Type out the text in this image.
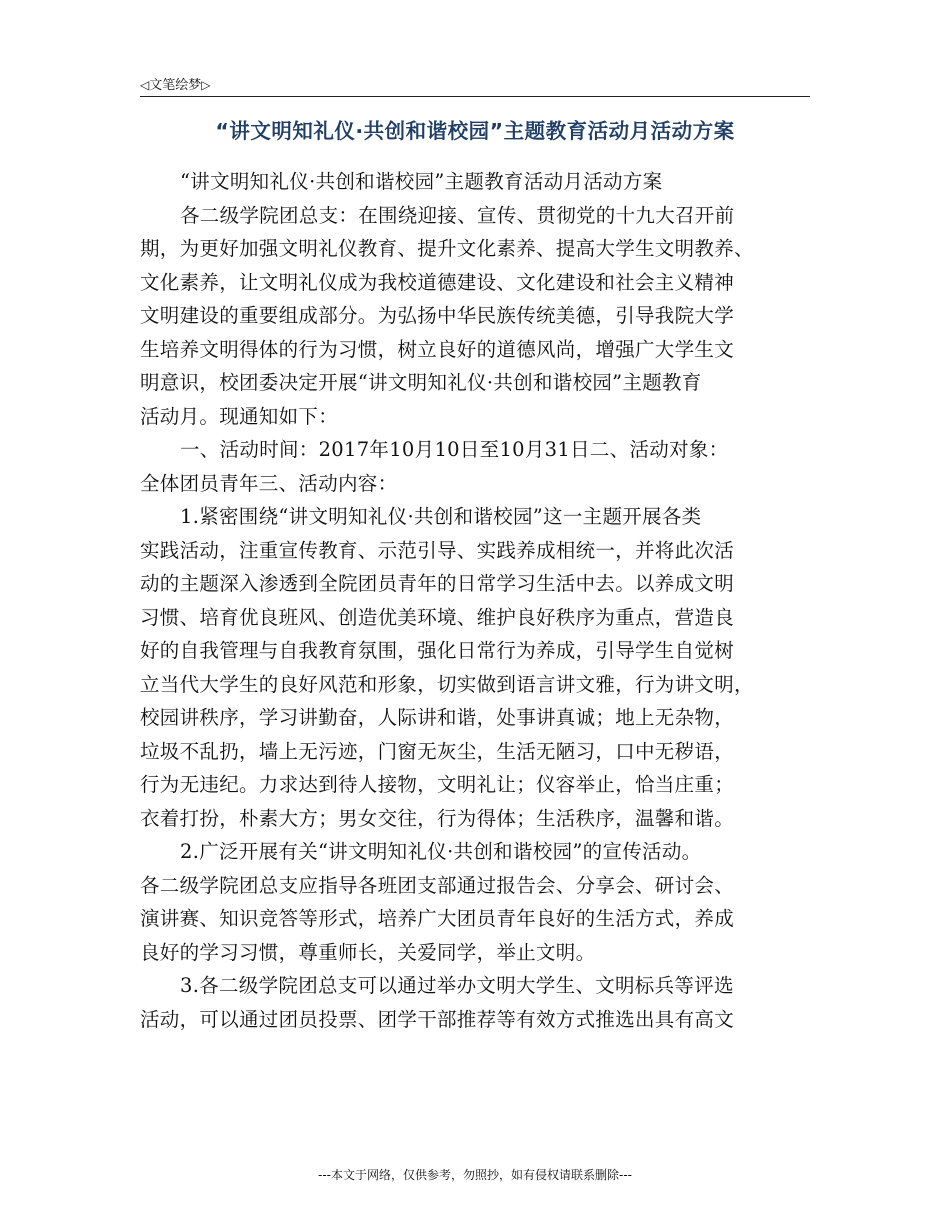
◁文笔绘梦▷
“讲文明知礼仪·共创和谐校园”主题教育活动月活动方案
“讲文明知礼仪·共创和谐校园”主题教育活动月活动方案
各二级学院团总支：在围绕迎接、宣传、贯彻党的十九大召开前
期，为更好加强文明礼仪教育、提升文化素养、提高大学生文明教养、
文化素养，让文明礼仪成为我校道德建设、文化建设和社会主义精神
文明建设的重要组成部分。为弘扬中华民族传统美德，引导我院大学
生培养文明得体的行为习惯，树立良好的道德风尚，增强广大学生文
明意识，校团委决定开展“讲文明知礼仪·共创和谐校园”主题教育
活动月。现通知如下：
一、活动时间：2017年10月10日至10月31日二、活动对象：
全体团员青年三、活动内容：
1.紧密围绕“讲文明知礼仪·共创和谐校园”这一主题开展各类
实践活动，注重宣传教育、示范引导、实践养成相统一，并将此次活
动的主题深入渗透到全院团员青年的日常学习生活中去。以养成文明
习惯、培育优良班风、创造优美环境、维护良好秩序为重点，营造良
好的自我管理与自我教育氛围，强化日常行为养成，引导学生自觉树
立当代大学生的良好风范和形象，切实做到语言讲文雅，行为讲文明，
校园讲秩序，学习讲勤奋，人际讲和谐，处事讲真诚；地上无杂物，
垃圾不乱扔，墙上无污迹，门窗无灰尘，生活无陋习，口中无秽语，
行为无违纪。力求达到待人接物，文明礼让；仪容举止，恰当庄重；
衣着打扮，朴素大方；男女交往，行为得体；生活秩序，温馨和谐。
2.广泛开展有关“讲文明知礼仪·共创和谐校园”的宣传活动。
各二级学院团总支应指导各班团支部通过报告会、分享会、研讨会、
演讲赛、知识竞答等形式，培养广大团员青年良好的生活方式，养成
良好的学习习惯，尊重师长，关爱同学，举止文明。
3.各二级学院团总支可以通过举办文明大学生、文明标兵等评选
活动，可以通过团员投票、团学干部推荐等有效方式推选出具有高文
---本文于网络，仅供参考，勿照抄，如有侵权请联系删除---
